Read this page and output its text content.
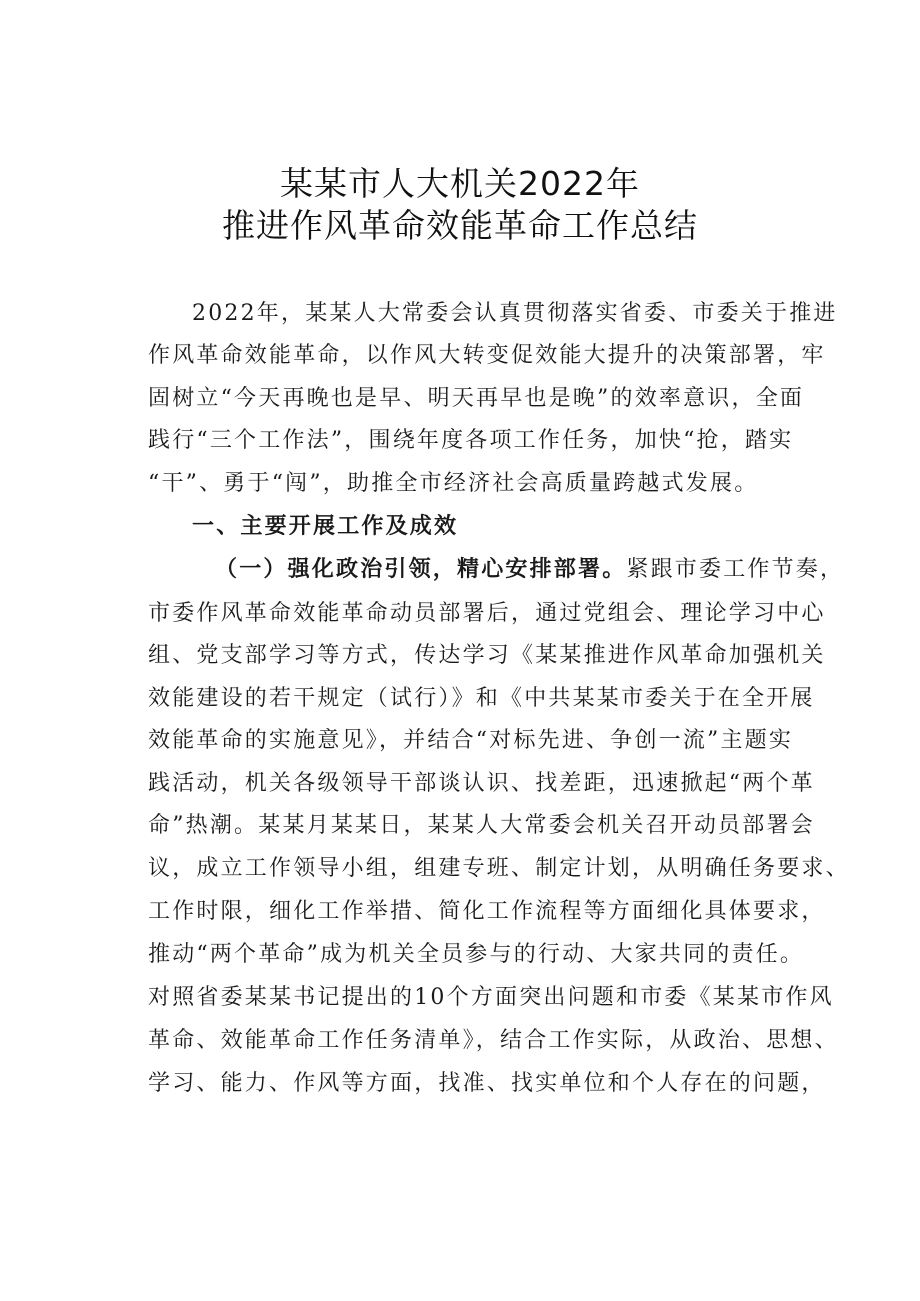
某某市人大机关2022年
推进作风革命效能革命工作总结
2022年，某某人大常委会认真贯彻落实省委、市委关于推进
作风革命效能革命，以作风大转变促效能大提升的决策部署，牢
固树立“今天再晚也是早、明天再早也是晚”的效率意识，全面
践行“三个工作法”，围绕年度各项工作任务，加快“抢，踏实
“干”、勇于“闯”，助推全市经济社会高质量跨越式发展。
一、主要开展工作及成效
（一）强化政治引领，精心安排部署。紧跟市委工作节奏，
市委作风革命效能革命动员部署后，通过党组会、理论学习中心
组、党支部学习等方式，传达学习《某某推进作风革命加强机关
效能建设的若干规定（试行）》和《中共某某市委关于在全开展
效能革命的实施意见》，并结合“对标先进、争创一流”主题实
践活动，机关各级领导干部谈认识、找差距，迅速掀起“两个革
命”热潮。某某月某某日，某某人大常委会机关召开动员部署会
议，成立工作领导小组，组建专班、制定计划，从明确任务要求、
工作时限，细化工作举措、简化工作流程等方面细化具体要求，
推动“两个革命”成为机关全员参与的行动、大家共同的责任。
对照省委某某书记提出的10个方面突出问题和市委《某某市作风
革命、效能革命工作任务清单》，结合工作实际，从政治、思想、
学习、能力、作风等方面，找准、找实单位和个人存在的问题，
